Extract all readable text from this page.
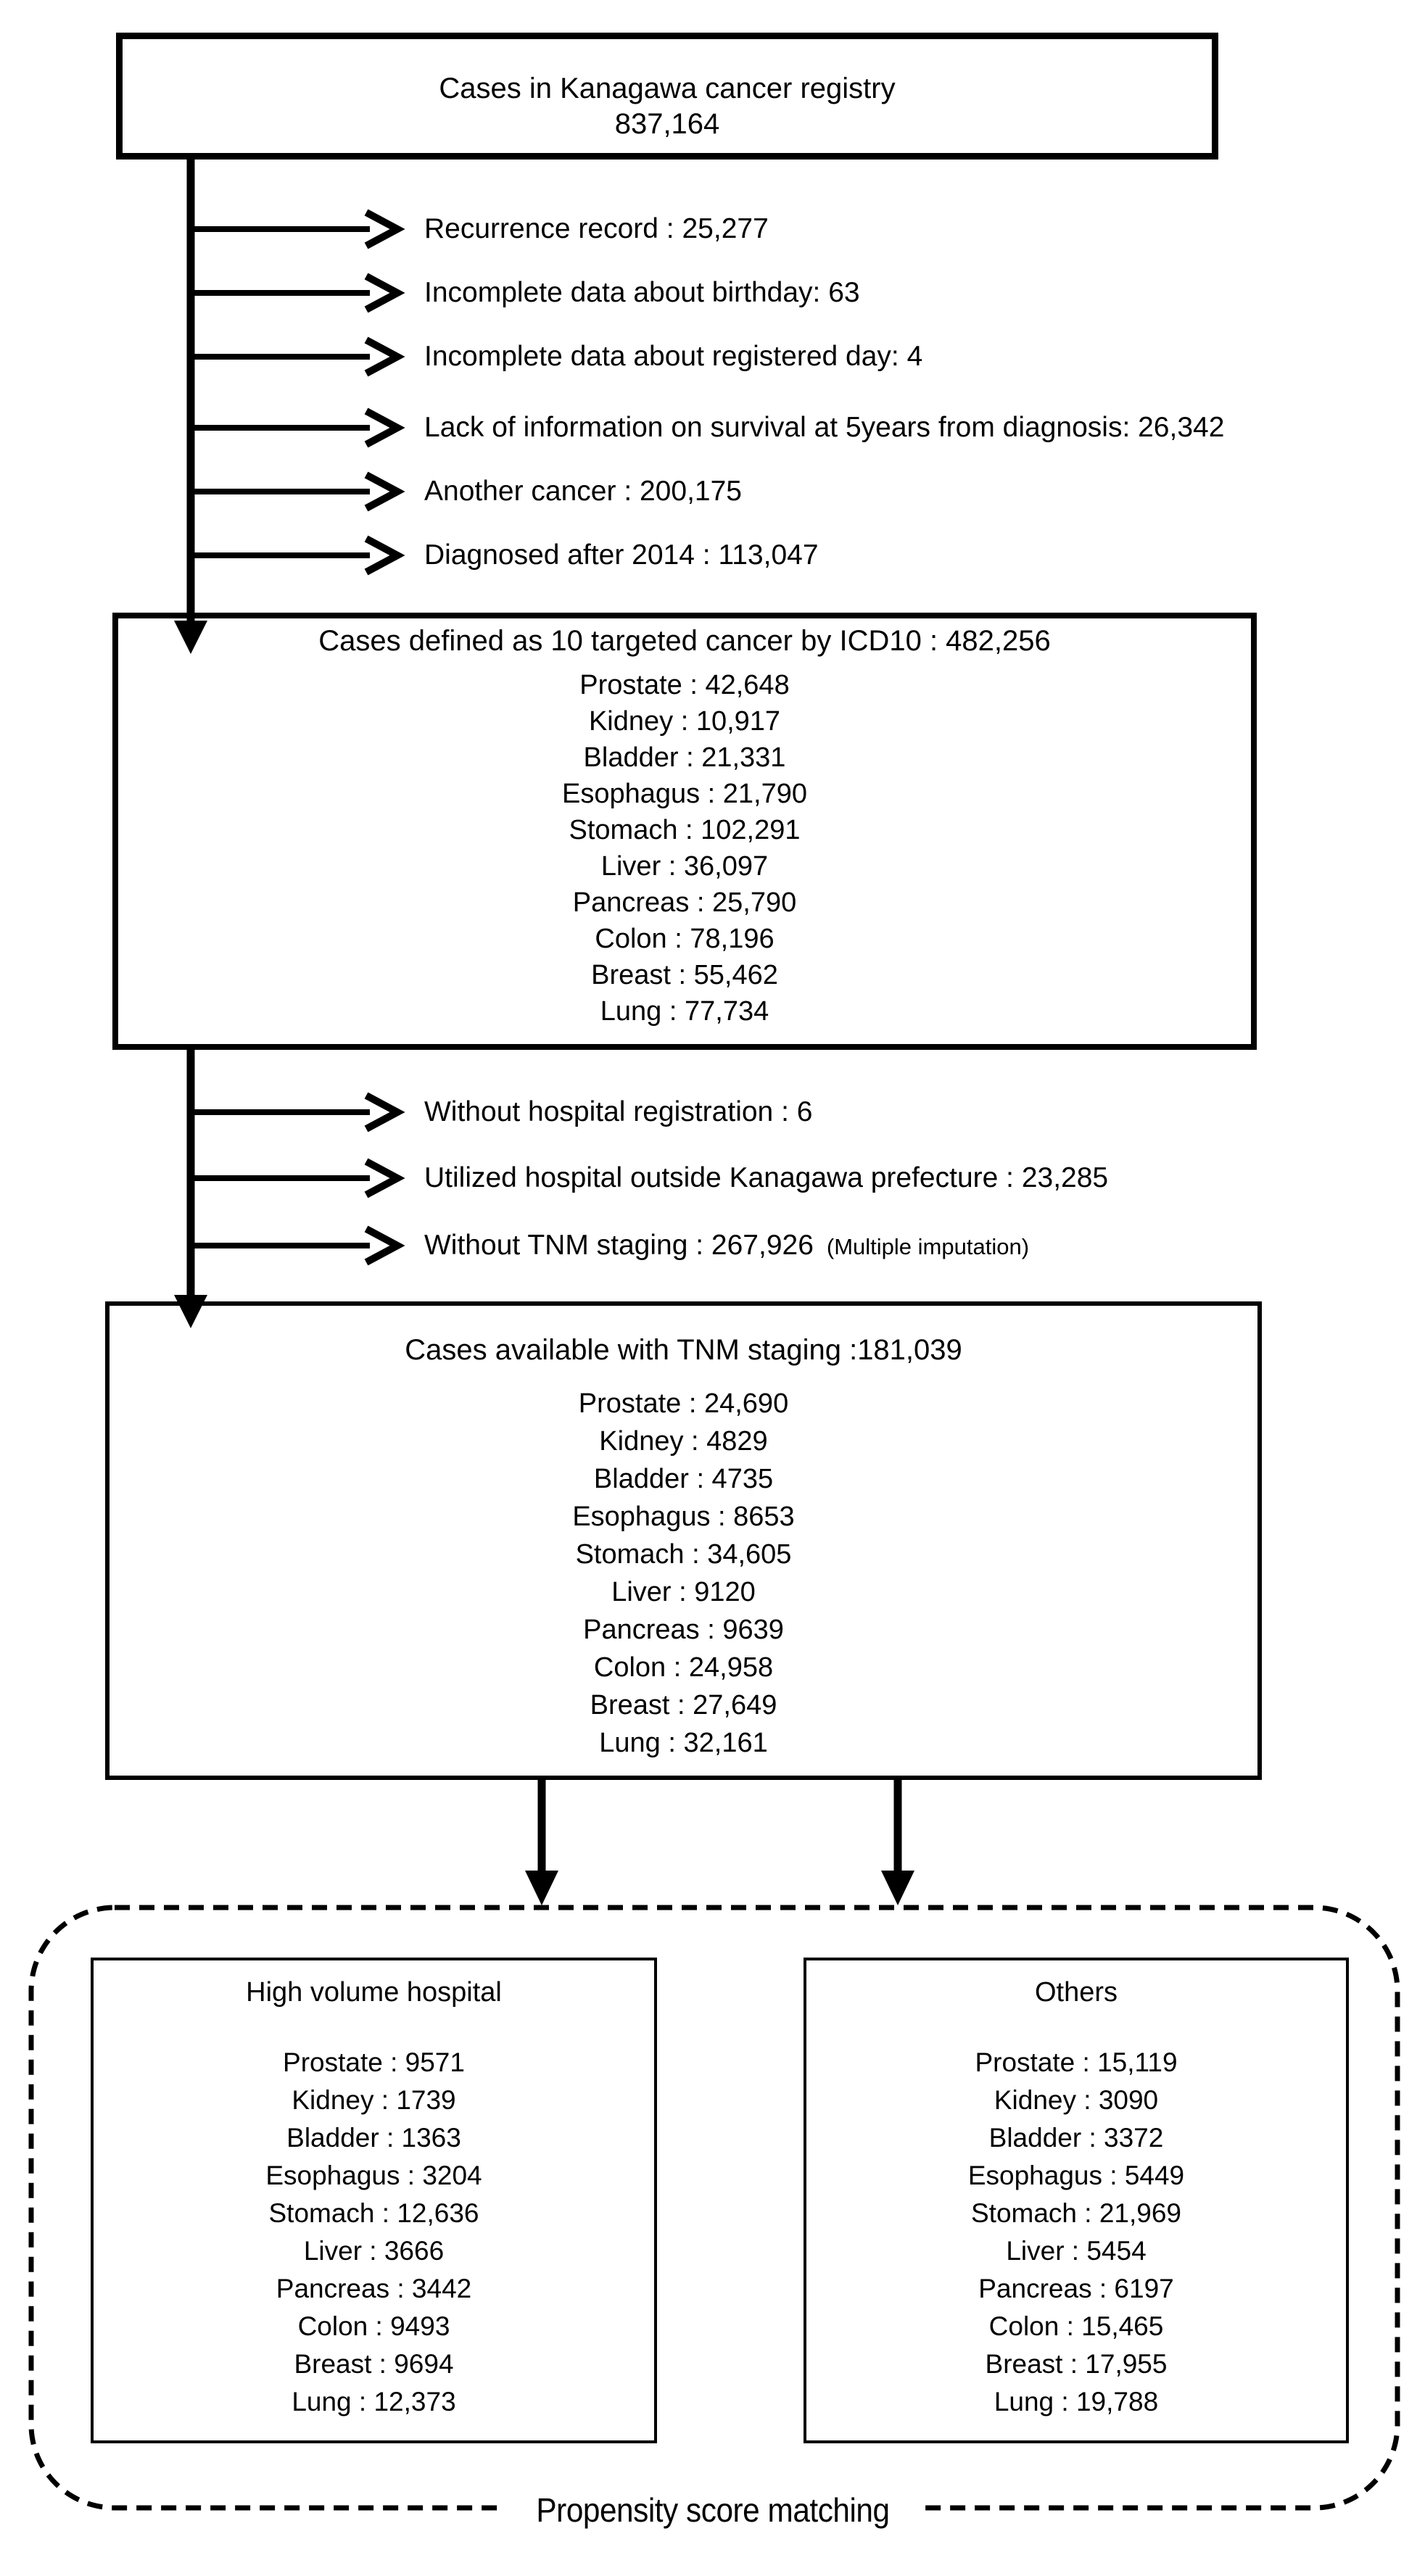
Cases in Kanagawa cancer registry
837,164
Recurrence record : 25,277
Incomplete data about birthday: 63
Incomplete data about registered day: 4
Lack of information on survival at 5years from diagnosis: 26,342
Another cancer : 200,175
Diagnosed after 2014 : 113,047
Cases defined as 10 targeted cancer by ICD10 : 482,256
Prostate : 42,648
Kidney : 10,917
Bladder : 21,331
Esophagus : 21,790
Stomach : 102,291
Liver : 36,097
Pancreas : 25,790
Colon : 78,196
Breast : 55,462
Lung : 77,734
Without hospital registration : 6
Utilized hospital outside Kanagawa prefecture : 23,285
Without TNM staging : 267,926 (Multiple imputation)
Cases available with TNM staging :181,039
Prostate : 24,690
Kidney : 4829
Bladder : 4735
Esophagus : 8653
Stomach : 34,605
Liver : 9120
Pancreas : 9639
Colon : 24,958
Breast : 27,649
Lung : 32,161
High volume hospital
Prostate : 9571
Kidney : 1739
Bladder : 1363
Esophagus : 3204
Stomach : 12,636
Liver : 3666
Pancreas : 3442
Colon : 9493
Breast : 9694
Lung : 12,373
Others
Prostate : 15,119
Kidney : 3090
Bladder : 3372
Esophagus : 5449
Stomach : 21,969
Liver : 5454
Pancreas : 6197
Colon : 15,465
Breast : 17,955
Lung : 19,788
Propensity score matching
